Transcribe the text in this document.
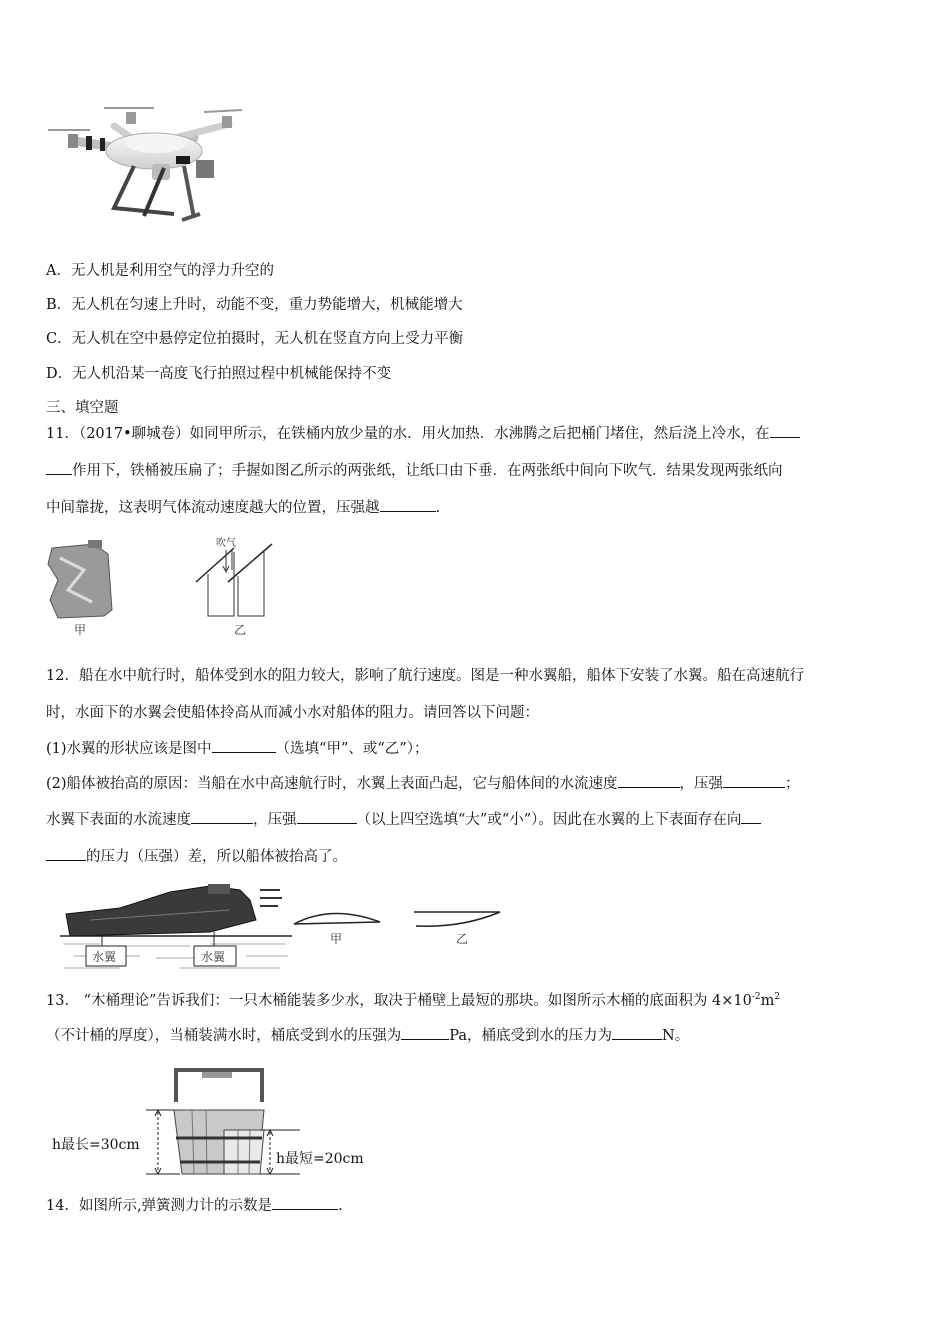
A．无人机是利用空气的浮力升空的
B．无人机在匀速上升时，动能不变，重力势能增大，机械能增大
C．无人机在空中悬停定位拍摄时，无人机在竖直方向上受力平衡
D．无人机沿某一高度飞行拍照过程中机械能保持不变
三、填空题
11．（2017•聊城卷）如同甲所示，在铁桶内放少量的水．用火加热．水沸腾之后把桶门堵住，然后浇上冷水，在
作用下，铁桶被压扁了；手握如图乙所示的两张纸，让纸口由下垂．在两张纸中间向下吹气．结果发现两张纸向
中间靠拢，这表明气体流动速度越大的位置，压强越	.
甲
吹气
乙
12．船在水中航行时，船体受到水的阻力较大，影响了航行速度。图是一种水翼船，船体下安装了水翼。船在高速航行
时，水面下的水翼会使船体拎高从而减小水对船体的阻力。请回答以下问题：
(1)水翼的形状应该是图中	（选填“甲”、或“乙”）；
(2)船体被抬高的原因：当船在水中高速航行时，水翼上表面凸起，它与船体间的水流速度	，压强	；
水翼下表面的水流速度	，压强	（以上四空选填“大”或“小”）。因此在水翼的上下表面存在向
的压力（压强）差，所以船体被抬高了。
水翼	水翼
甲	乙
13． “木桶理论”告诉我们：一只木桶能装多少水，取决于桶壁上最短的那块。如图所示木桶的底面积为 $4\times 10^{-2}m^2$
（不计桶的厚度），当桶装满水时，桶底受到水的压强为	Pa，桶底受到水的压力为	N。
h最长=30cm
h最短=20cm
14．如图所示,弹簧测力计的示数是	.
